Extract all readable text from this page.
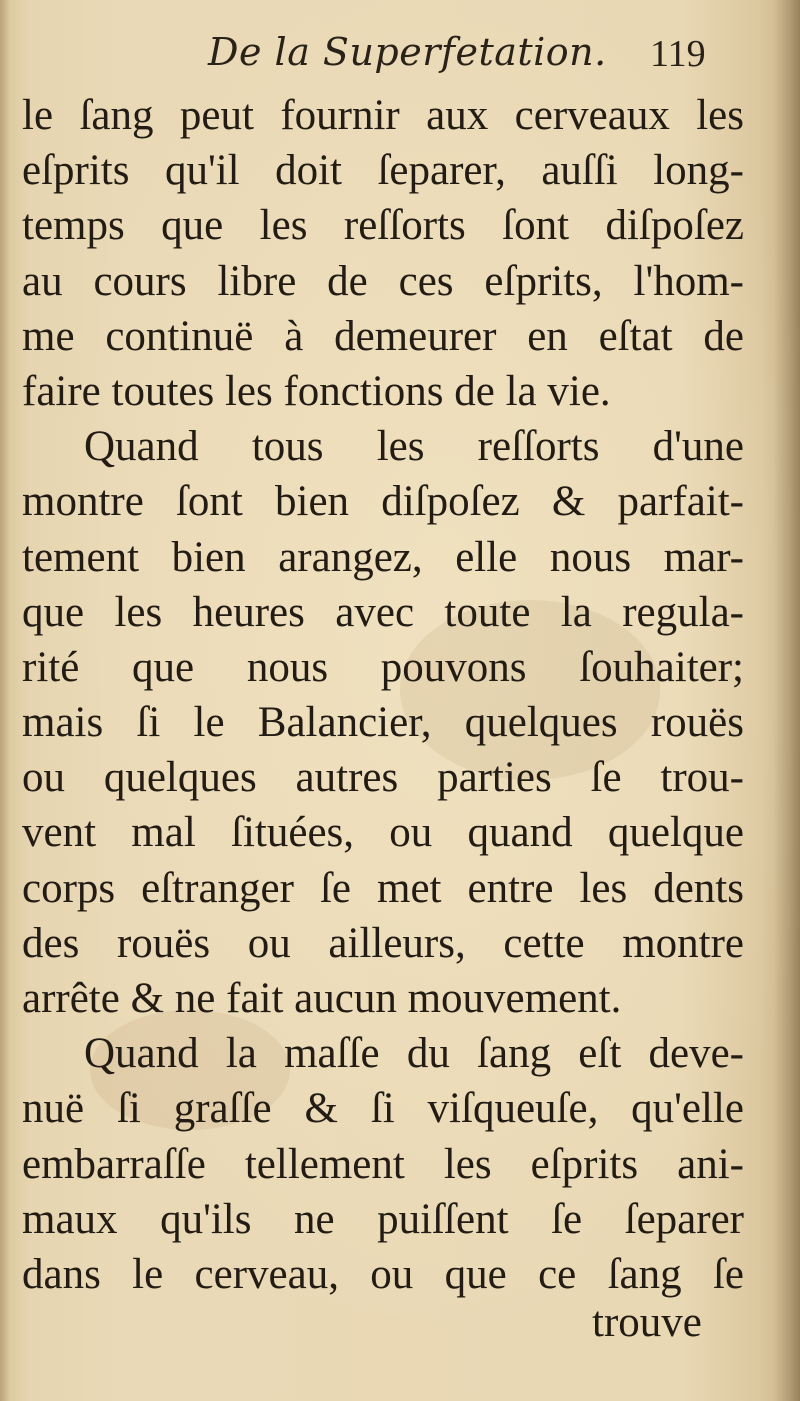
De la Superfetation. 119
le ſang peut fournir aux cerveaux les
eſprits qu'il doit ſeparer, auſſi long-
temps que les reſſorts ſont diſpoſez
au cours libre de ces eſprits, l'hom-
me continuë à demeurer en eſtat de
faire toutes les fonctions de la vie.
Quand tous les reſſorts d'une
montre ſont bien diſpoſez & parfait-
tement bien arangez, elle nous mar-
que les heures avec toute la regula-
rité que nous pouvons ſouhaiter;
mais ſi le Balancier, quelques rouës
ou quelques autres parties ſe trou-
vent mal ſituées, ou quand quelque
corps eſtranger ſe met entre les dents
des rouës ou ailleurs, cette montre
arrête & ne fait aucun mouvement.
Quand la maſſe du ſang eſt deve-
nuë ſi graſſe & ſi viſqueuſe, qu'elle
embarraſſe tellement les eſprits ani-
maux qu'ils ne puiſſent ſe ſeparer
dans le cerveau, ou que ce ſang ſe
trouve
